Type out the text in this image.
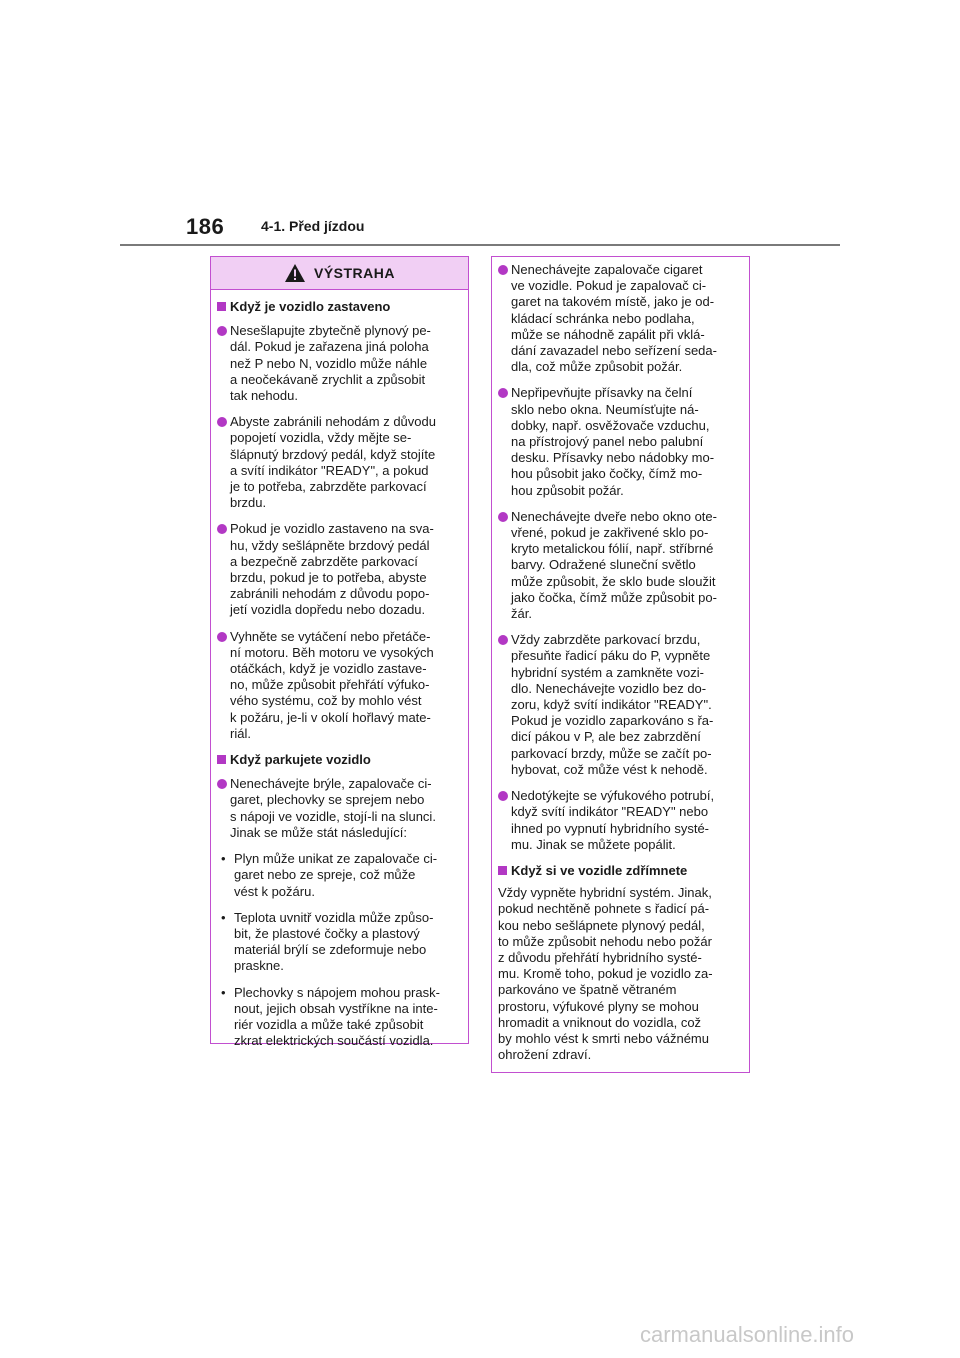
186	4-1. Před jízdou
VÝSTRAHA
Když je vozidlo zastaveno
Nesešlapujte zbytečně plynový pe-
dál. Pokud je zařazena jiná poloha
než P nebo N, vozidlo může náhle
a neočekávaně zrychlit a způsobit
tak nehodu.
Abyste zabránili nehodám z důvodu
popojetí vozidla, vždy mějte se-
šlápnutý brzdový pedál, když stojíte
a svítí indikátor "READY", a pokud
je to potřeba, zabrzděte parkovací
brzdu.
Pokud je vozidlo zastaveno na sva-
hu, vždy sešlápněte brzdový pedál
a bezpečně zabrzděte parkovací
brzdu, pokud je to potřeba, abyste
zabránili nehodám z důvodu popo-
jetí vozidla dopředu nebo dozadu.
Vyhněte se vytáčení nebo přetáče-
ní motoru. Běh motoru ve vysokých
otáčkách, když je vozidlo zastave-
no, může způsobit přehřátí výfuko-
vého systému, což by mohlo vést
k požáru, je-li v okolí hořlavý mate-
riál.
Když parkujete vozidlo
Nenechávejte brýle, zapalovače ci-
garet, plechovky se sprejem nebo
s nápoji ve vozidle, stojí-li na slunci.
Jinak se může stát následující:
• Plyn může unikat ze zapalovače ci-
garet nebo ze spreje, což může
vést k požáru.
• Teplota uvnitř vozidla může způso-
bit, že plastové čočky a plastový
materiál brýlí se zdeformuje nebo
praskne.
• Plechovky s nápojem mohou prask-
nout, jejich obsah vystříkne na inte-
riér vozidla a může také způsobit
zkrat elektrických součástí vozidla.
Nenechávejte zapalovače cigaret
ve vozidle. Pokud je zapalovač ci-
garet na takovém místě, jako je od-
kládací schránka nebo podlaha,
může se náhodně zapálit při vklá-
dání zavazadel nebo seřízení seda-
dla, což může způsobit požár.
Nepřipevňujte přísavky na čelní
sklo nebo okna. Neumísťujte ná-
dobky, např. osvěžovače vzduchu,
na přístrojový panel nebo palubní
desku. Přísavky nebo nádobky mo-
hou působit jako čočky, čímž mo-
hou způsobit požár.
Nenechávejte dveře nebo okno ote-
vřené, pokud je zakřivené sklo po-
kryto metalickou fólií, např. stříbrné
barvy. Odražené sluneční světlo
může způsobit, že sklo bude sloužit
jako čočka, čímž může způsobit po-
žár.
Vždy zabrzděte parkovací brzdu,
přesuňte řadicí páku do P, vypněte
hybridní systém a zamkněte vozi-
dlo. Nenechávejte vozidlo bez do-
zoru, když svítí indikátor "READY".
Pokud je vozidlo zaparkováno s řa-
dicí pákou v P, ale bez zabrzdění
parkovací brzdy, může se začít po-
hybovat, což může vést k nehodě.
Nedotýkejte se výfukového potrubí,
když svítí indikátor "READY" nebo
ihned po vypnutí hybridního systé-
mu. Jinak se můžete popálit.
Když si ve vozidle zdřímnete
Vždy vypněte hybridní systém. Jinak,
pokud nechtěně pohnete s řadicí pá-
kou nebo sešlápnete plynový pedál,
to může způsobit nehodu nebo požár
z důvodu přehřátí hybridního systé-
mu. Kromě toho, pokud je vozidlo za-
parkováno ve špatně větraném
prostoru, výfukové plyny se mohou
hromadit a vniknout do vozidla, což
by mohlo vést k smrti nebo vážnému
ohrožení zdraví.
carmanualsonline.info
